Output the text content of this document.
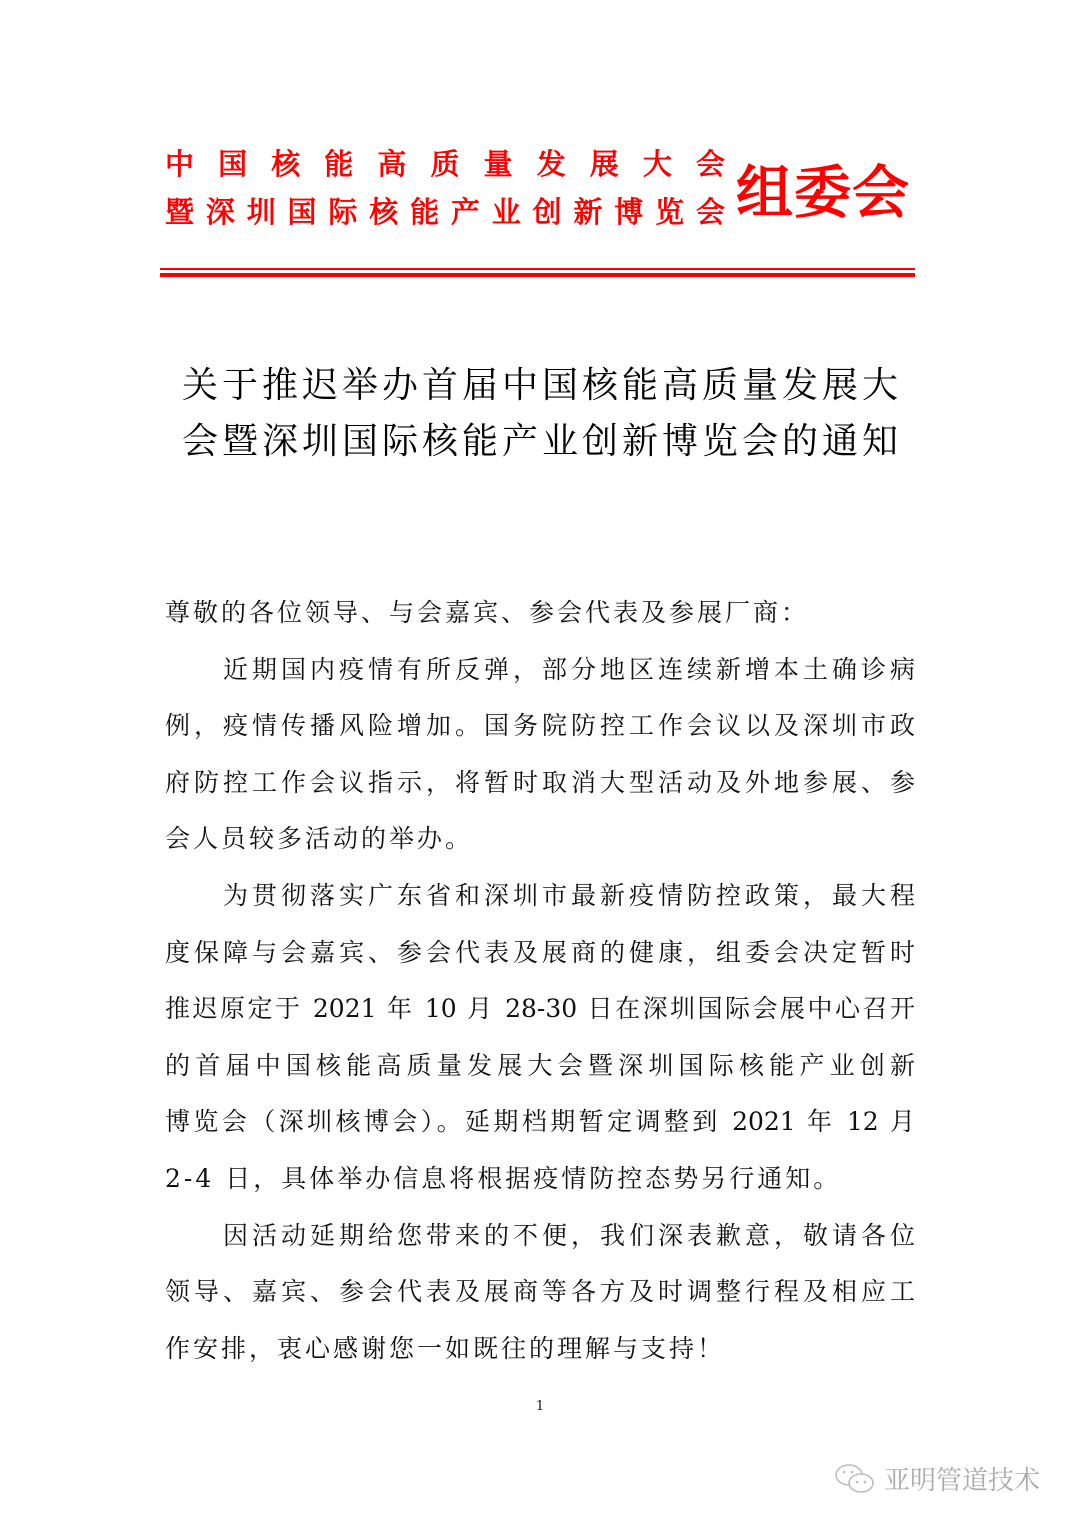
中国核能高质量发展大会
暨深圳国际核能产业创新博览会 组委会
关于推迟举办首届中国核能高质量发展大
会暨深圳国际核能产业创新博览会的通知
尊敬的各位领导、与会嘉宾、参会代表及参展厂商：
近期国内疫情有所反弹，部分地区连续新增本土确诊病
例，疫情传播风险增加。国务院防控工作会议以及深圳市政
府防控工作会议指示，将暂时取消大型活动及外地参展、参
会人员较多活动的举办。
为贯彻落实广东省和深圳市最新疫情防控政策，最大程
度保障与会嘉宾、参会代表及展商的健康，组委会决定暂时
推迟原定于 2021 年 10 月 28-30 日在深圳国际会展中心召开
的首届中国核能高质量发展大会暨深圳国际核能产业创新
博览会（深圳核博会）。延期档期暂定调整到 2021 年 12 月
2-4 日，具体举办信息将根据疫情防控态势另行通知。
因活动延期给您带来的不便，我们深表歉意，敬请各位
领导、嘉宾、参会代表及展商等各方及时调整行程及相应工
作安排，衷心感谢您一如既往的理解与支持！
1
亚明管道技术
